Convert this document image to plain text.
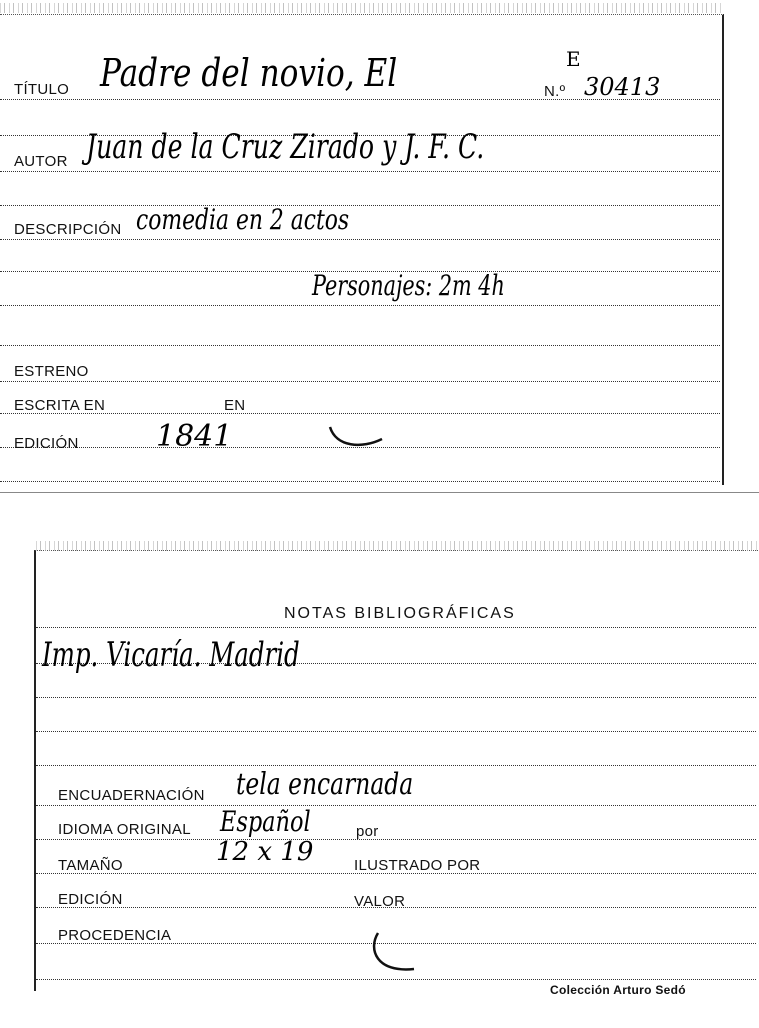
TÍTULO Padre del novio, El	N.º
E
30413
AUTOR Juan de la Cruz Zirado y J. F. C.
DESCRIPCIÓN comedia en 2 actos
Personajes: 2m 4h
ESTRENO
ESCRITA EN	EN
EDICIÓN	1841
NOTAS BIBLIOGRÁFICAS
Imp. Vicaría. Madrid
ENCUADERNACIÓN tela encarnada
IDIOMA ORIGINAL Español	por
TAMAÑO	12 x 19	ILUSTRADO POR
EDICIÓN	VALOR
PROCEDENCIA
Colección Arturo Sedó
